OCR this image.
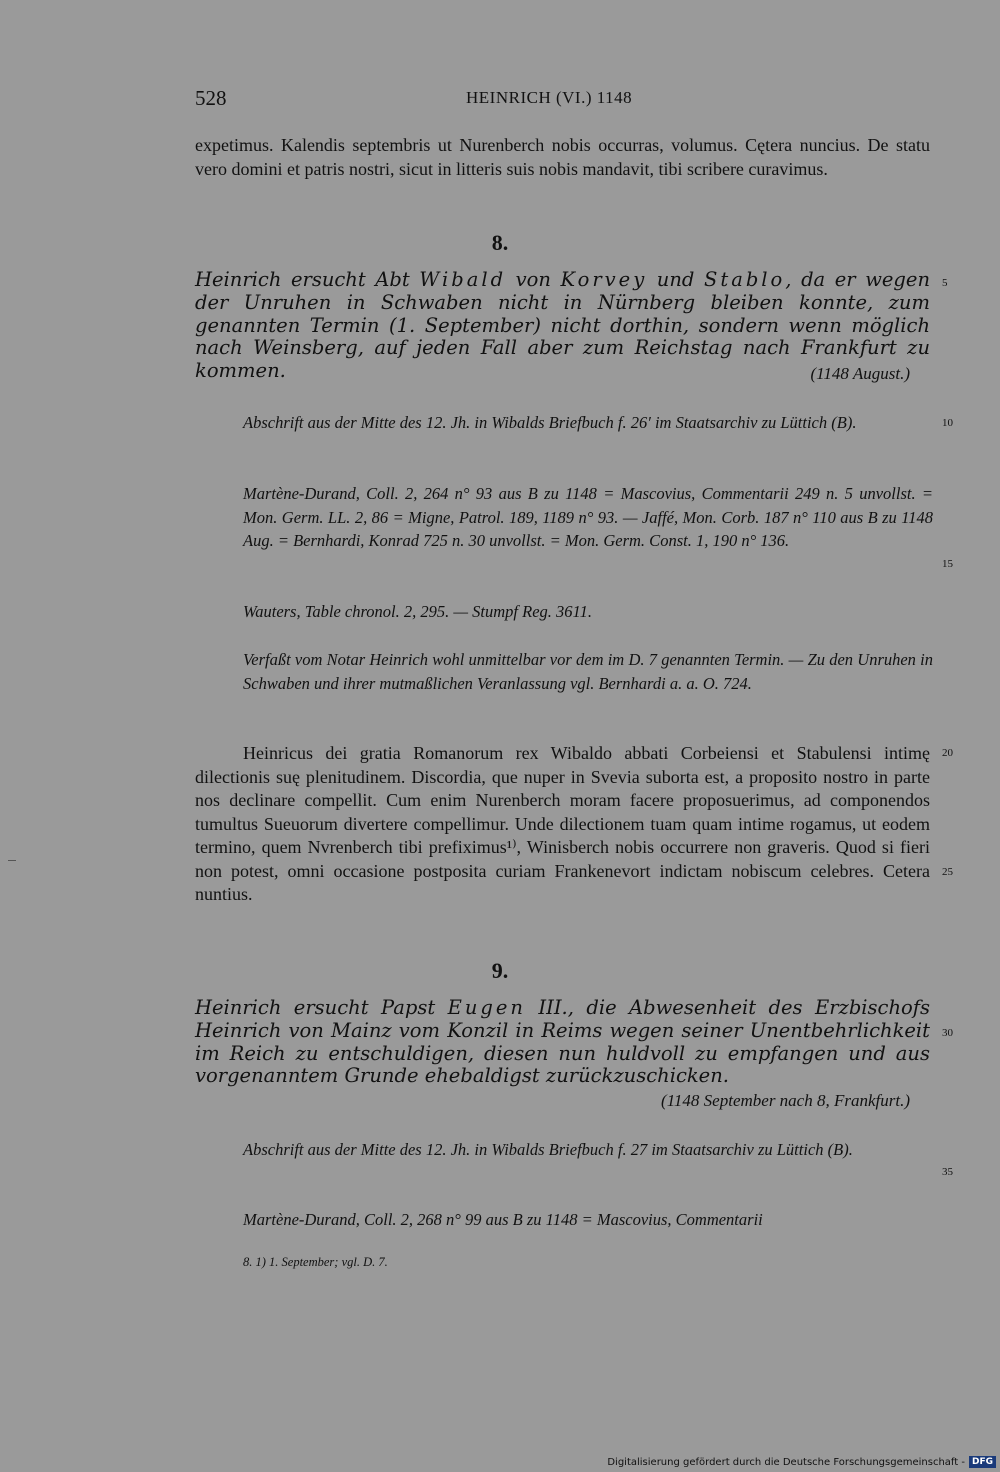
528	HEINRICH (VI.) 1148
expetimus. Kalendis septembris ut Nurenberch nobis occurras, volumus. Cętera nuncius. De statu vero domini et patris nostri, sicut in litteris suis nobis mandavit, tibi scribere curavimus.
8.
Heinrich ersucht Abt Wibald von Korvey und Stablo, da er wegen der Unruhen in Schwaben nicht in Nürnberg bleiben konnte, zum genannten Termin (1. September) nicht dorthin, sondern wenn möglich nach Weinsberg, auf jeden Fall aber zum Reichstag nach Frankfurt zu kommen.	(1148 August.)
Abschrift aus der Mitte des 12. Jh. in Wibalds Briefbuch f. 26′ im Staatsarchiv zu Lüttich (B).
Martène-Durand, Coll. 2, 264 n° 93 aus B zu 1148 = Mascovius, Commentarii 249 n. 5 unvollst. = Mon. Germ. LL. 2, 86 = Migne, Patrol. 189, 1189 n° 93. — Jaffé, Mon. Corb. 187 n° 110 aus B zu 1148 Aug. = Bernhardi, Konrad 725 n. 30 unvollst. = Mon. Germ. Const. 1, 190 n° 136.
Wauters, Table chronol. 2, 295. — Stumpf Reg. 3611.
Verfaßt vom Notar Heinrich wohl unmittelbar vor dem im D. 7 genannten Termin. — Zu den Unruhen in Schwaben und ihrer mutmaßlichen Veranlassung vgl. Bernhardi a. a. O. 724.
Heinricus dei gratia Romanorum rex Wibaldo abbati Corbeiensi et Stabulensi intimę dilectionis suę plenitudinem. Discordia, que nuper in Svevia suborta est, a proposito nostro in parte nos declinare compellit. Cum enim Nurenberch moram facere proposuerimus, ad componendos tumultus Sueuorum divertere compellimur. Unde dilectionem tuam quam intime rogamus, ut eodem termino, quem Nvrenberch tibi prefiximus¹⁾, Winisberch nobis occurrere non graveris. Quod si fieri non potest, omni occasione postposita curiam Frankenevort indictam nobiscum celebres. Cetera nuntius.
9.
Heinrich ersucht Papst Eugen III., die Abwesenheit des Erzbischofs Heinrich von Mainz vom Konzil in Reims wegen seiner Unentbehrlichkeit im Reich zu entschuldigen, diesen nun huldvoll zu empfangen und aus vorgenanntem Grunde ehebaldigst zurückzuschicken.
(1148 September nach 8, Frankfurt.)
Abschrift aus der Mitte des 12. Jh. in Wibalds Briefbuch f. 27 im Staatsarchiv zu Lüttich (B).
Martène-Durand, Coll. 2, 268 n° 99 aus B zu 1148 = Mascovius, Commentarii
5
10
15
20
25
30
35
8. 1) 1. September; vgl. D. 7.
Digitalisierung gefördert durch die Deutsche Forschungsgemeinschaft - DFG
